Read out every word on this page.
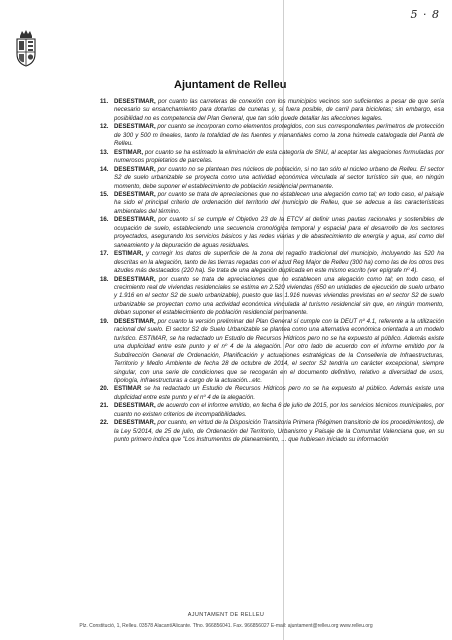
5 · 8
Ajuntament de Relleu
11. DESESTIMAR, por cuanto las carreteras de conexión con los municipios vecinos son suficientes a pesar de que sería necesario su ensanchamiento para dotarlas de cunetas y, si fuera posible, de carril para bicicletas; sin embargo, esa posibilidad no es competencia del Plan General, que tan sólo puede detallar las afecciones legales.
12. DESESTIMAR, por cuanto se incorporan como elementos protegidos, con sus correspondientes perímetros de protección de 300 y 500 m lineales, tanto la totalidad de las fuentes y manantiales como la zona húmeda catalogada del Pantà de Relleu.
13. ESTIMAR, por cuanto se ha estimado la eliminación de esta categoría de SNU, al aceptar las alegaciones formuladas por numerosos propietarios de parcelas.
14. DESESTIMAR, por cuanto no se plantean tres núcleos de población, si no tan sólo el núcleo urbano de Relleu. El sector S2 de suelo urbanizable se proyecta como una actividad económica vinculada al sector turístico sin que, en ningún momento, debe suponer el establecimiento de población residencial permanente.
15. DESESTIMAR, por cuanto se trata de apreciaciones que no establecen una alegación como tal; en todo caso, el paisaje ha sido el principal criterio de ordenación del territorio del municipio de Relleu, que se adecua a las características ambientales del término.
16. DESESTIMAR, por cuanto sí se cumple el Objetivo 23 de la ETCV al definir unas pautas racionales y sostenibles de ocupación de suelo, estableciendo una secuencia cronológica temporal y espacial para el desarrollo de los sectores proyectados, asegurando los servicios básicos y las redes viarias y de abastecimiento de energía y agua, así como del saneamiento y la depuración de aguas residuales.
17. ESTIMAR, y corregir los datos de superficie de la zona de regadío tradicional del municipio, incluyendo las 520 ha descritas en la alegación, tanto de las tierras regadas con el azud Reg Major de Relleu (300 ha) como las de los otros tres azudes más destacados (220 ha). Se trata de una alegación duplicada en este mismo escrito (ver epígrafe nº 4).
18. DESESTIMAR, por cuanto se trata de apreciaciones que no establecen una alegación como tal; en todo caso, el crecimiento real de viviendas residenciales se estima en 2.520 viviendas (650 en unidades de ejecución de suelo urbano y 1.916 en el sector S2 de suelo urbanizable), puesto que las 1.916 nuevas viviendas previstas en el sector S2 de suelo urbanizable se proyectan como una actividad económica vinculada al turismo residencial sin que, en ningún momento, deban suponer el establecimiento de población residencial permanente.
19. DESESTIMAR, por cuanto la versión preliminar del Plan General sí cumple con la DEUT nº 4.1, referente a la utilización racional del suelo. El sector S2 de Suelo Urbanizable se plantea como una alternativa económica orientada a un modelo turístico. ESTIMAR, se ha redactado un Estudio de Recursos Hídricos pero no se ha expuesto al público. Además existe una duplicidad entre este punto y el nº 4 de la alegación. Por otro lado de acuerdo con el informe emitido por la Subdirección General de Ordenación, Planificación y actuaciones estratégicas de la Conselleria de Infraestructuras, Territorio y Medio Ambiente de fecha 28 de octubre de 2014, el sector S2 tendría un carácter excepcional, siempre singular, con una serie de condiciones que se recogerán en el documento definitivo, relativo a diversidad de usos, tipología, infraestructuras a cargo de la actuación...etc.
20. ESTIMAR se ha redactado un Estudio de Recursos Hídricos pero no se ha expuesto al público. Además existe una duplicidad entre este punto y el nº 4 de la alegación.
21. DESESTIMAR, de acuerdo con el informe emitido, en fecha 6 de julio de 2015, por los servicios técnicos municipales, por cuanto no existen criterios de incompatibilidades.
22. DESESTIMAR, por cuanto, en virtud de la Disposición Transitoria Primera (Régimen transitorio de los procedimientos), de la Ley 5/2014, de 25 de julio, de Ordenación del Territorio, Urbanismo y Paisaje de la Comunitat Valenciana que, en su punto primero indica que "Los instrumentos de planeamiento, ... que hubiesen iniciado su información
AJUNTAMENT DE RELLEU
Plz. Constitució, 1, Relleu. 03578 Alacant/Alicante. Tfno. 966856041. Fax. 966856027 E-mail: ajuntament@relleu.org www.relleu.org
